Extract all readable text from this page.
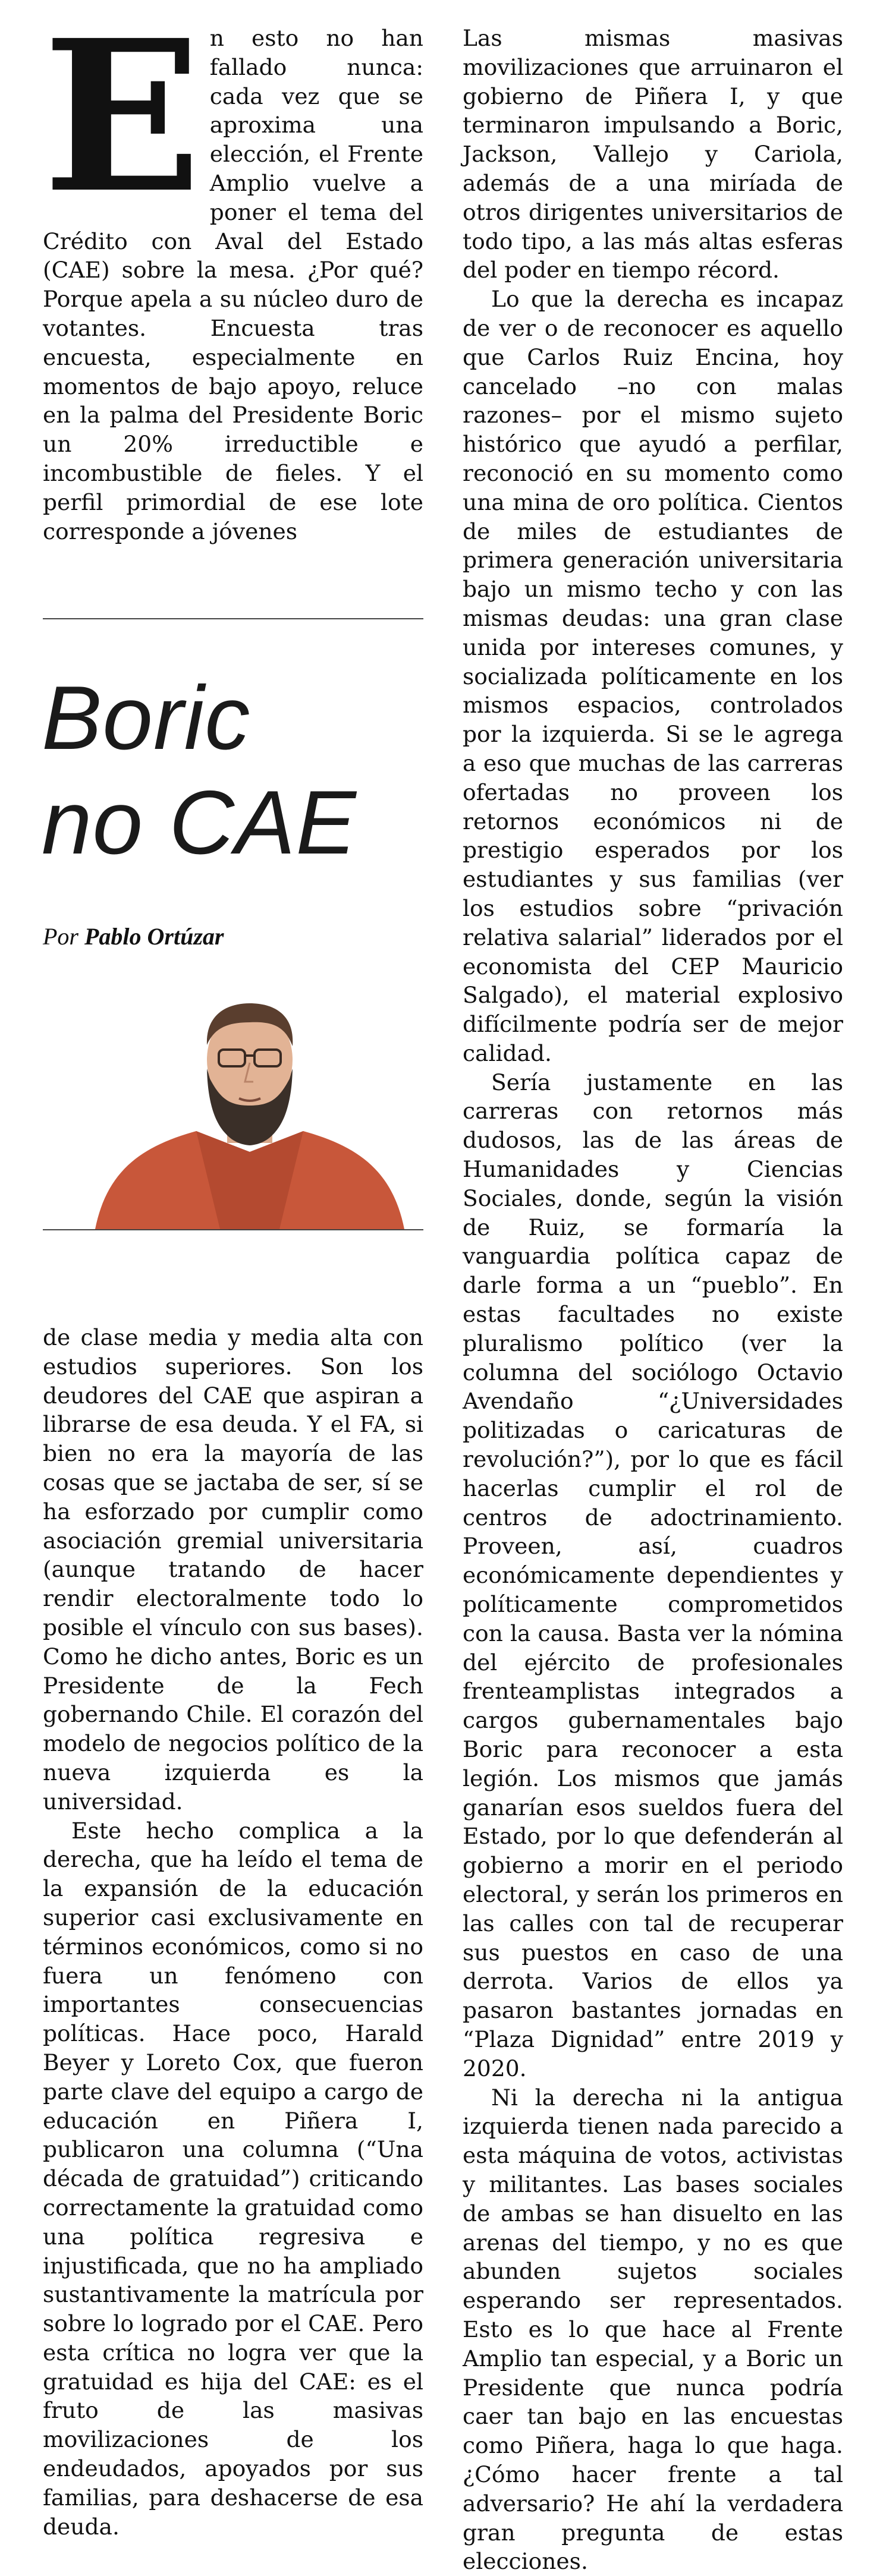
En esto no han fallado nunca: cada vez que se aproxima una elección, el Frente Amplio vuelve a poner el tema del Crédito con Aval del Estado (CAE) sobre la mesa. ¿Por qué? Porque apela a su núcleo duro de votantes. Encuesta tras encuesta, especialmente en momentos de bajo apoyo, reluce en la palma del Presidente Boric un 20% irreductible e incombustible de fieles. Y el perfil primordial de ese lote corresponde a jóvenes

Boric
no CAE
Por Pablo Ortúzar

de clase media y media alta con estudios superiores. Son los deudores del CAE que aspiran a librarse de esa deuda. Y el FA, si bien no era la mayoría de las cosas que se jactaba de ser, sí se ha esforzado por cumplir como asociación gremial universitaria (aunque tratando de hacer rendir electoralmente todo lo posible el vínculo con sus bases). Como he dicho antes, Boric es un Presidente de la Fech gobernando Chile. El corazón del modelo de negocios político de la nueva izquierda es la universidad.

Este hecho complica a la derecha, que ha leído el tema de la expansión de la educación superior casi exclusivamente en términos económicos, como si no fuera un fenómeno con importantes consecuencias políticas. Hace poco, Harald Beyer y Loreto Cox, que fueron parte clave del equipo a cargo de educación en Piñera I, publicaron una columna (“Una década de gratuidad”) criticando correctamente la gratuidad como una política regresiva e injustificada, que no ha ampliado sustantivamente la matrícula por sobre lo logrado por el CAE. Pero esta crítica no logra ver que la gratuidad es hija del CAE: es el fruto de las masivas movilizaciones de los endeudados, apoyados por sus familias, para deshacerse de esa deuda.

Las mismas masivas movilizaciones que arruinaron el gobierno de Piñera I, y que terminaron impulsando a Boric, Jackson, Vallejo y Cariola, además de a una miríada de otros dirigentes universitarios de todo tipo, a las más altas esferas del poder en tiempo récord.

Lo que la derecha es incapaz de ver o de reconocer es aquello que Carlos Ruiz Encina, hoy cancelado –no con malas razones– por el mismo sujeto histórico que ayudó a perfilar, reconoció en su momento como una mina de oro política. Cientos de miles de estudiantes de primera generación universitaria bajo un mismo techo y con las mismas deudas: una gran clase unida por intereses comunes, y socializada políticamente en los mismos espacios, controlados por la izquierda. Si se le agrega a eso que muchas de las carreras ofertadas no proveen los retornos económicos ni de prestigio esperados por los estudiantes y sus familias (ver los estudios sobre “privación relativa salarial” liderados por el economista del CEP Mauricio Salgado), el material explosivo difícilmente podría ser de mejor calidad.

Sería justamente en las carreras con retornos más dudosos, las de las áreas de Humanidades y Ciencias Sociales, donde, según la visión de Ruiz, se formaría la vanguardia política capaz de darle forma a un “pueblo”. En estas facultades no existe pluralismo político (ver la columna del sociólogo Octavio Avendaño “¿Universidades politizadas o caricaturas de revolución?”), por lo que es fácil hacerlas cumplir el rol de centros de adoctrinamiento. Proveen, así, cuadros económicamente dependientes y políticamente comprometidos con la causa. Basta ver la nómina del ejército de profesionales frenteamplistas integrados a cargos gubernamentales bajo Boric para reconocer a esta legión. Los mismos que jamás ganarían esos sueldos fuera del Estado, por lo que defenderán al gobierno a morir en el periodo electoral, y serán los primeros en las calles con tal de recuperar sus puestos en caso de una derrota. Varios de ellos ya pasaron bastantes jornadas en “Plaza Dignidad” entre 2019 y 2020.

Ni la derecha ni la antigua izquierda tienen nada parecido a esta máquina de votos, activistas y militantes. Las bases sociales de ambas se han disuelto en las arenas del tiempo, y no es que abunden sujetos sociales esperando ser representados. Esto es lo que hace al Frente Amplio tan especial, y a Boric un Presidente que nunca podría caer tan bajo en las encuestas como Piñera, haga lo que haga. ¿Cómo hacer frente a tal adversario? He ahí la verdadera gran pregunta de estas elecciones.
